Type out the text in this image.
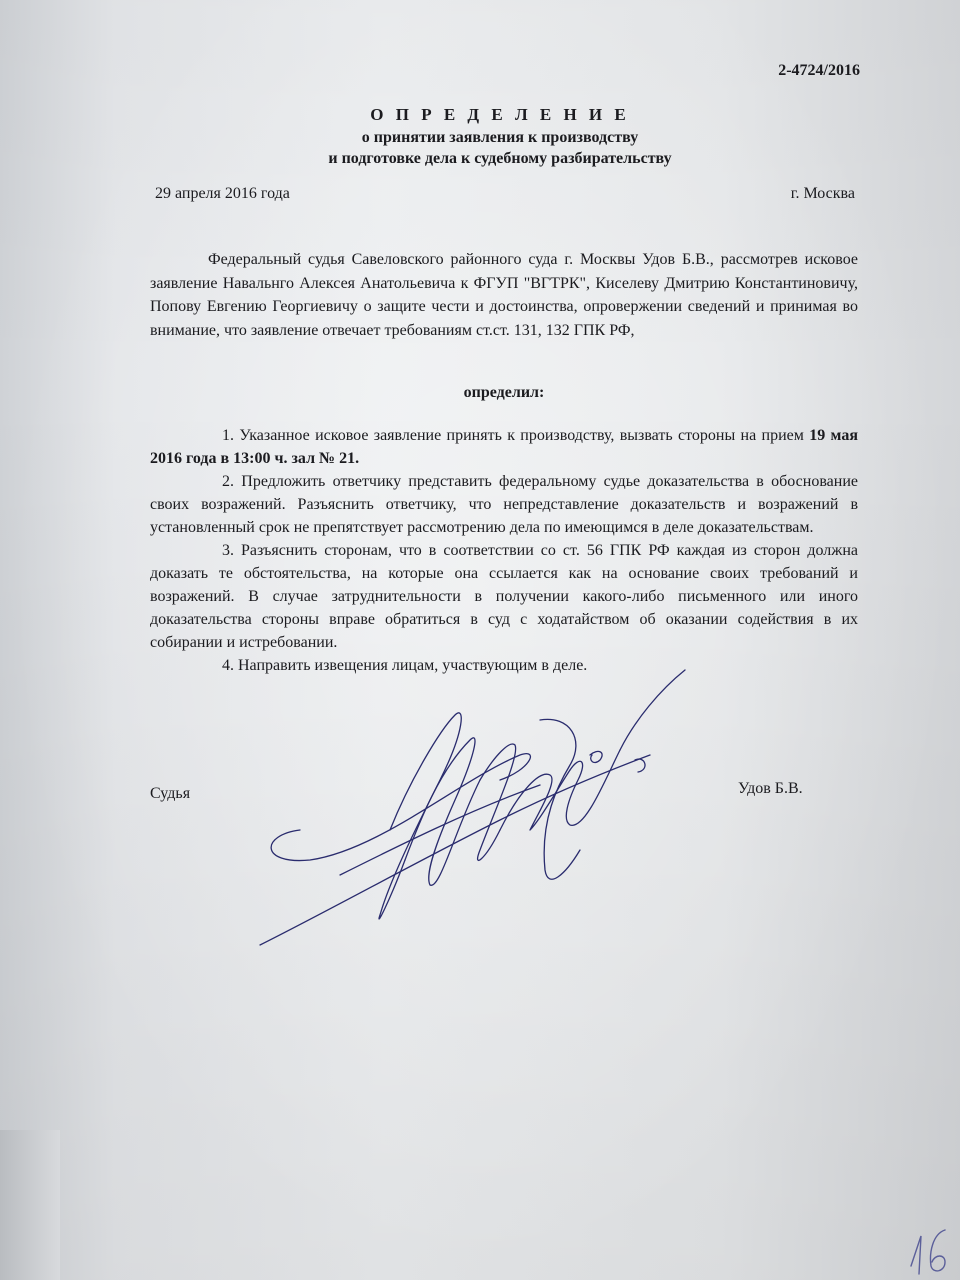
2-4724/2016
О П Р Е Д Е Л Е Н И Е
о принятии заявления к производству
и подготовке дела к судебному разбирательству
29 апреля 2016 года	г. Москва

Федеральный судья Савеловского районного суда г. Москвы Удов Б.В., рассмотрев исковое заявление Навальнго Алексея Анатольевича к ФГУП "ВГТРК", Киселеву Дмитрию Константиновичу, Попову Евгению Георгиевичу о защите чести и достоинства, опровержении сведений и принимая во внимание, что заявление отвечает требованиям ст.ст. 131, 132 ГПК РФ,

определил:

1. Указанное исковое заявление принять к производству, вызвать стороны на прием 19 мая 2016 года в 13:00 ч. зал № 21.

2. Предложить ответчику представить федеральному судье доказательства в обоснование своих возражений. Разъяснить ответчику, что непредставление доказательств и возражений в установленный срок не препятствует рассмотрению дела по имеющимся в деле доказательствам.

3. Разъяснить сторонам, что в соответствии со ст. 56 ГПК РФ каждая из сторон должна доказать те обстоятельства, на которые она ссылается как на основание своих требований и возражений. В случае затруднительности в получении какого-либо письменного или иного доказательства стороны вправе обратиться в суд с ходатайством об оказании содействия в их собирании и истребовании.

4. Направить извещения лицам, участвующим в деле.

Судья	Удов Б.В.
